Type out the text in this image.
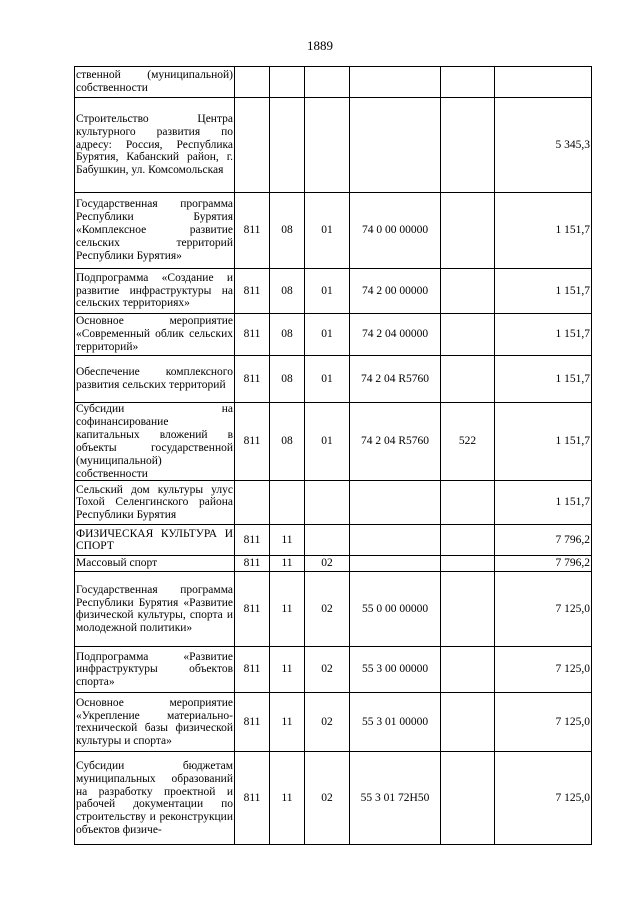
1889
ственной (муниципальной) собственности						
Строительство Центра культурного развития по адресу: Россия, Республика Бурятия, Кабанский район, г. Бабушкин, ул. Комсомольская						5 345,3
Государственная программа Республики Бурятия «Комплексное развитие сельских территорий Республики Бурятия»	811	08	01	74 0 00 00000		1 151,7
Подпрограмма «Создание и развитие инфраструктуры на сельских территориях»	811	08	01	74 2 00 00000		1 151,7
Основное мероприятие «Современный облик сельских территорий»	811	08	01	74 2 04 00000		1 151,7
Обеспечение комплексного развития сельских территорий	811	08	01	74 2 04 R5760		1 151,7
Субсидии на софинансирование капитальных вложений в объекты государственной (муниципальной) собственности	811	08	01	74 2 04 R5760	522	1 151,7
Сельский дом культуры улус Тохой Селенгинского района Республики Бурятия						1 151,7
ФИЗИЧЕСКАЯ КУЛЬТУРА И СПОРТ	811	11				7 796,2
Массовый спорт	811	11	02			7 796,2
Государственная программа Республики Бурятия «Развитие физической культуры, спорта и молодежной политики»	811	11	02	55 0 00 00000		7 125,0
Подпрограмма «Развитие инфраструктуры объектов спорта»	811	11	02	55 3 00 00000		7 125,0
Основное мероприятие «Укрепление материально-технической базы физической культуры и спорта»	811	11	02	55 3 01 00000		7 125,0
Субсидии бюджетам муниципальных образований на разработку проектной и рабочей документации по строительству и реконструкции объектов физиче-	811	11	02	55 3 01 72H50		7 125,0
